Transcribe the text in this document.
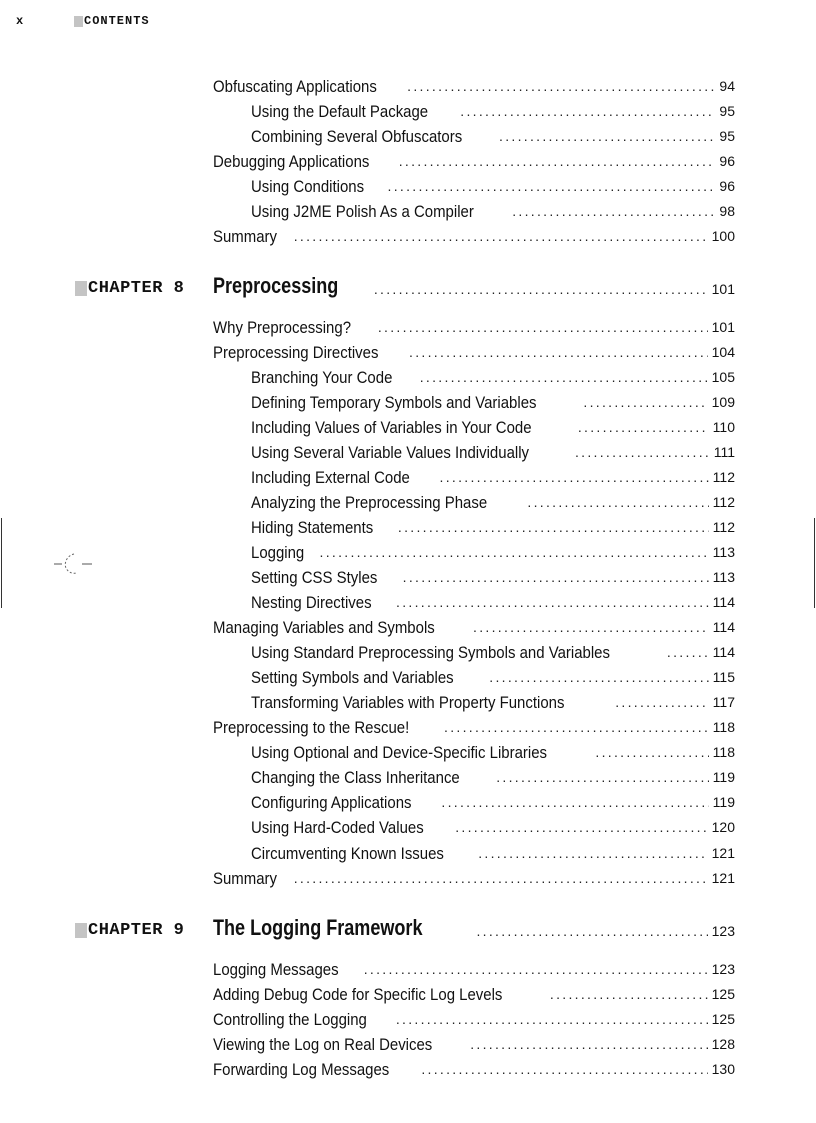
x	CONTENTS
Obfuscating Applications .....	94
Using the Default Package .....	95
Combining Several Obfuscators .....	95
Debugging Applications .....	96
Using Conditions .....	96
Using J2ME Polish As a Compiler .....	98
Summary .....	100
CHAPTER 8 Preprocessing .....	101
Why Preprocessing? .....	101
Preprocessing Directives .....	104
Branching Your Code .....	105
Defining Temporary Symbols and Variables .....	109
Including Values of Variables in Your Code .....	110
Using Several Variable Values Individually .....	111
Including External Code .....	112
Analyzing the Preprocessing Phase .....	112
Hiding Statements .....	112
Logging .....	113
Setting CSS Styles .....	113
Nesting Directives .....	114
Managing Variables and Symbols .....	114
Using Standard Preprocessing Symbols and Variables .....	114
Setting Symbols and Variables .....	115
Transforming Variables with Property Functions .....	117
Preprocessing to the Rescue! .....	118
Using Optional and Device-Specific Libraries .....	118
Changing the Class Inheritance .....	119
Configuring Applications .....	119
Using Hard-Coded Values .....	120
Circumventing Known Issues .....	121
Summary .....	121
CHAPTER 9 The Logging Framework .....	123
Logging Messages .....	123
Adding Debug Code for Specific Log Levels .....	125
Controlling the Logging .....	125
Viewing the Log on Real Devices .....	128
Forwarding Log Messages .....	130
